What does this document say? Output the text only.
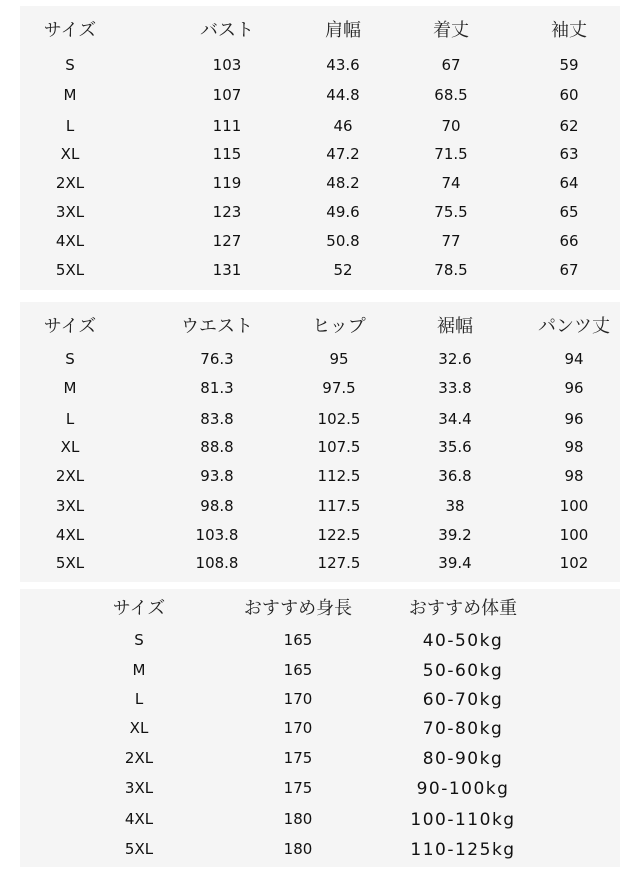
サイズ	バスト	肩幅	着丈	袖丈
S	103	43.6	67	59
M	107	44.8	68.5	60
L	111	46	70	62
XL	115	47.2	71.5	63
2XL	119	48.2	74	64
3XL	123	49.6	75.5	65
4XL	127	50.8	77	66
5XL	131	52	78.5	67
サイズ	ウエスト	ヒップ	裾幅	パンツ丈
S	76.3	95	32.6	94
M	81.3	97.5	33.8	96
L	83.8	102.5	34.4	96
XL	88.8	107.5	35.6	98
2XL	93.8	112.5	36.8	98
3XL	98.8	117.5	38	100
4XL	103.8	122.5	39.2	100
5XL	108.8	127.5	39.4	102
サイズ	おすすめ身長	おすすめ体重
S	165	40-50kg
M	165	50-60kg
L	170	60-70kg
XL	170	70-80kg
2XL	175	80-90kg
3XL	175	90-100kg
4XL	180	100-110kg
5XL	180	110-125kg
